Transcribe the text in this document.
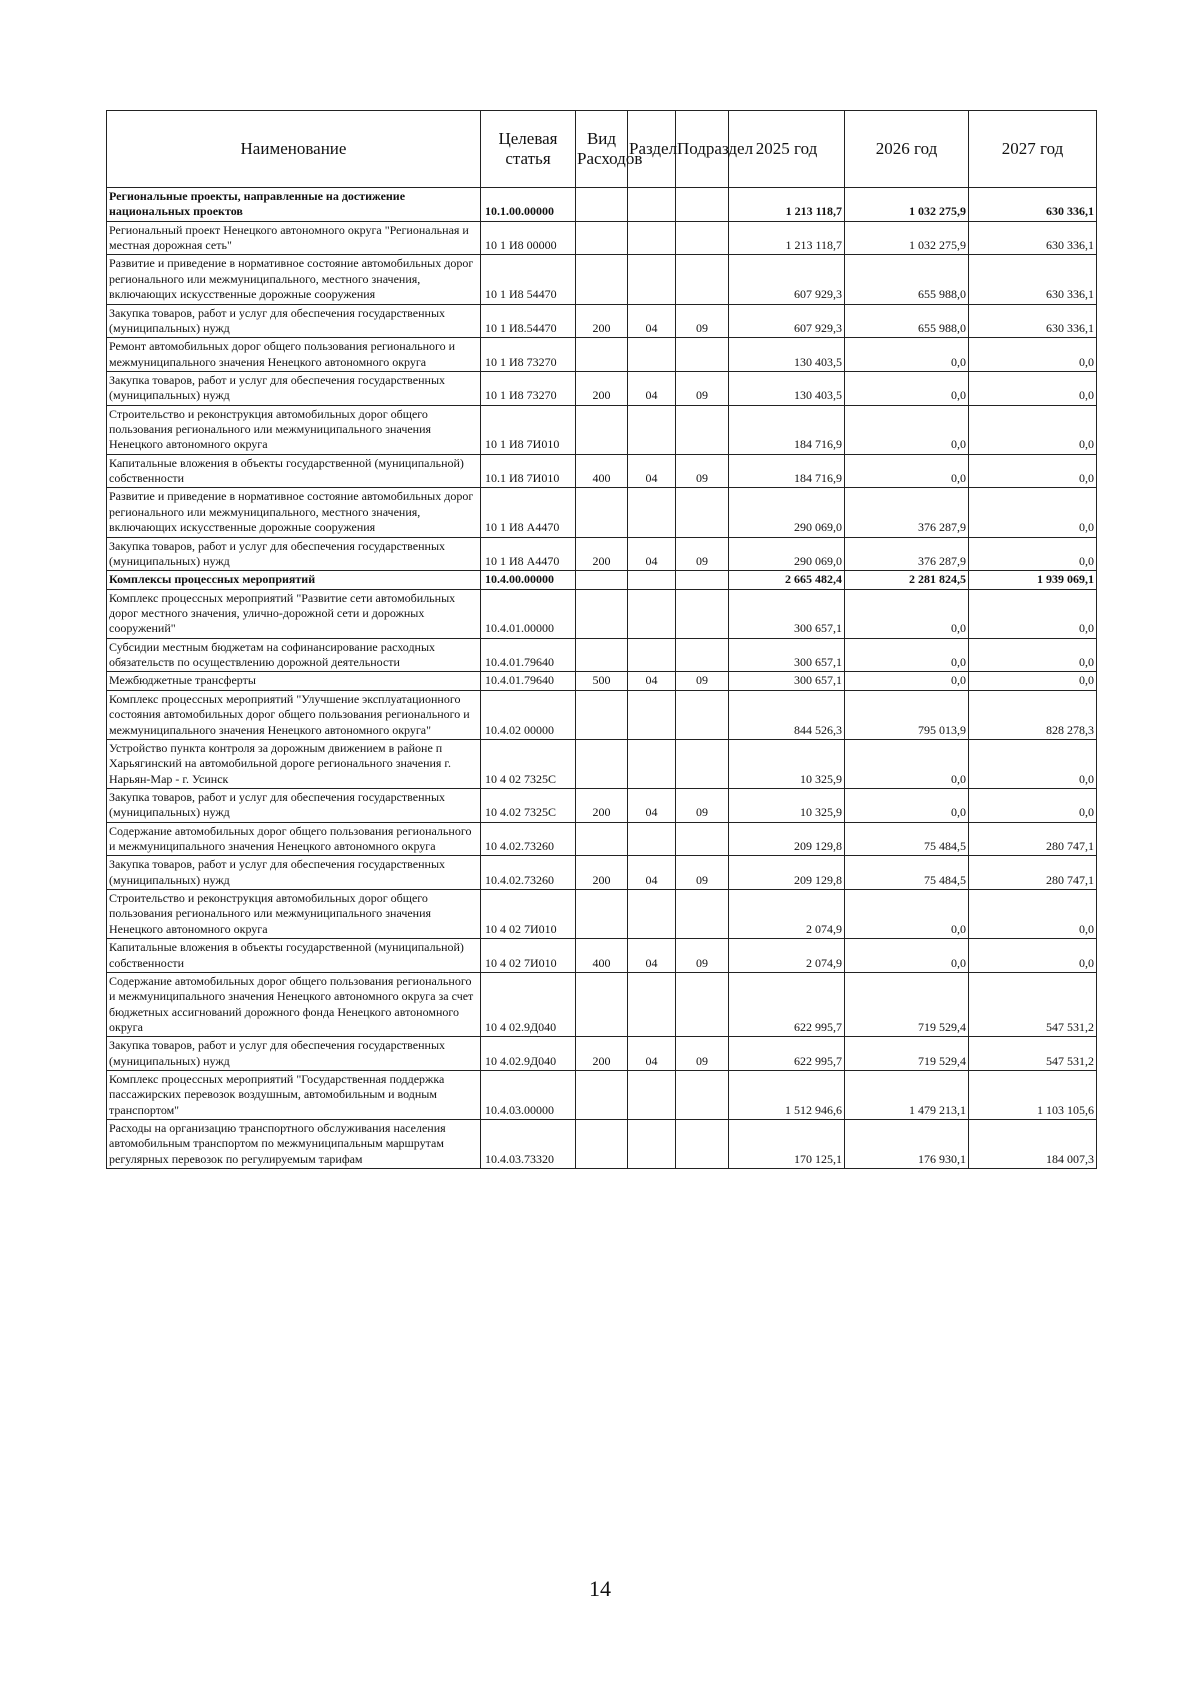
Наименование	Целевая статья	Вид Расходов	Раздел	Подраздел	2025 год	2026 год	2027 год
Региональные проекты, направленные на достижение национальных проектов	10.1.00.00000				1 213 118,7	1 032 275,9	630 336,1
Региональный проект Ненецкого автономного округа "Региональная и местная дорожная сеть"	10 1 И8 00000				1 213 118,7	1 032 275,9	630 336,1
Развитие и приведение в нормативное состояние автомобильных дорог регионального или межмуниципального, местного значения, включающих искусственные дорожные сооружения	10 1 И8 54470				607 929,3	655 988,0	630 336,1
Закупка товаров, работ и услуг для обеспечения государственных (муниципальных) нужд	10 1 И8.54470	200	04	09	607 929,3	655 988,0	630 336,1
Ремонт автомобильных дорог общего пользования регионального и межмуниципального значения Ненецкого автономного округа	10 1 И8 73270				130 403,5	0,0	0,0
Закупка товаров, работ и услуг для обеспечения государственных (муниципальных) нужд	10 1 И8 73270	200	04	09	130 403,5	0,0	0,0
Строительство и реконструкция автомобильных дорог общего пользования регионального или межмуниципального значения Ненецкого автономного округа	10 1 И8 7И010				184 716,9	0,0	0,0
Капитальные вложения в объекты государственной (муниципальной) собственности	10.1 И8 7И010	400	04	09	184 716,9	0,0	0,0
Развитие и приведение в нормативное состояние автомобильных дорог регионального или межмуниципального, местного значения, включающих искусственные дорожные сооружения	10 1 И8 А4470				290 069,0	376 287,9	0,0
Закупка товаров, работ и услуг для обеспечения государственных (муниципальных) нужд	10 1 И8 А4470	200	04	09	290 069,0	376 287,9	0,0
Комплексы процессных мероприятий	10.4.00.00000				2 665 482,4	2 281 824,5	1 939 069,1
Комплекс процессных мероприятий "Развитие сети автомобильных дорог местного значения, улично-дорожной сети и дорожных сооружений"	10.4.01.00000				300 657,1	0,0	0,0
Субсидии местным бюджетам на софинансирование расходных обязательств по осуществлению дорожной деятельности	10.4.01.79640				300 657,1	0,0	0,0
Межбюджетные трансферты	10.4.01.79640	500	04	09	300 657,1	0,0	0,0
Комплекс процессных мероприятий "Улучшение эксплуатационного состояния автомобильных дорог общего пользования регионального и межмуниципального значения Ненецкого автономного округа"	10.4.02 00000				844 526,3	795 013,9	828 278,3
Устройство пункта контроля за дорожным движением в районе п Харьягинский на автомобильной дороге регионального значения г. Нарьян-Мар - г. Усинск	10 4 02 7325С				10 325,9	0,0	0,0
Закупка товаров, работ и услуг для обеспечения государственных (муниципальных) нужд	10 4.02 7325С	200	04	09	10 325,9	0,0	0,0
Содержание автомобильных дорог общего пользования регионального и межмуниципального значения Ненецкого автономного округа	10 4.02.73260				209 129,8	75 484,5	280 747,1
Закупка товаров, работ и услуг для обеспечения государственных (муниципальных) нужд	10.4.02.73260	200	04	09	209 129,8	75 484,5	280 747,1
Строительство и реконструкция автомобильных дорог общего пользования регионального или межмуниципального значения Ненецкого автономного округа	10 4 02 7И010				2 074,9	0,0	0,0
Капитальные вложения в объекты государственной (муниципальной) собственности	10 4 02 7И010	400	04	09	2 074,9	0,0	0,0
Содержание автомобильных дорог общего пользования регионального и межмуниципального значения Ненецкого автономного округа за счет бюджетных ассигнований дорожного фонда Ненецкого автономного округа	10 4 02.9Д040				622 995,7	719 529,4	547 531,2
Закупка товаров, работ и услуг для обеспечения государственных (муниципальных) нужд	10 4.02.9Д040	200	04	09	622 995,7	719 529,4	547 531,2
Комплекс процессных мероприятий "Государственная поддержка пассажирских перевозок воздушным, автомобильным и водным транспортом"	10.4.03.00000				1 512 946,6	1 479 213,1	1 103 105,6
Расходы на организацию транспортного обслуживания населения автомобильным транспортом по межмуниципальным маршрутам регулярных перевозок по регулируемым тарифам	10.4.03.73320				170 125,1	176 930,1	184 007,3
14
